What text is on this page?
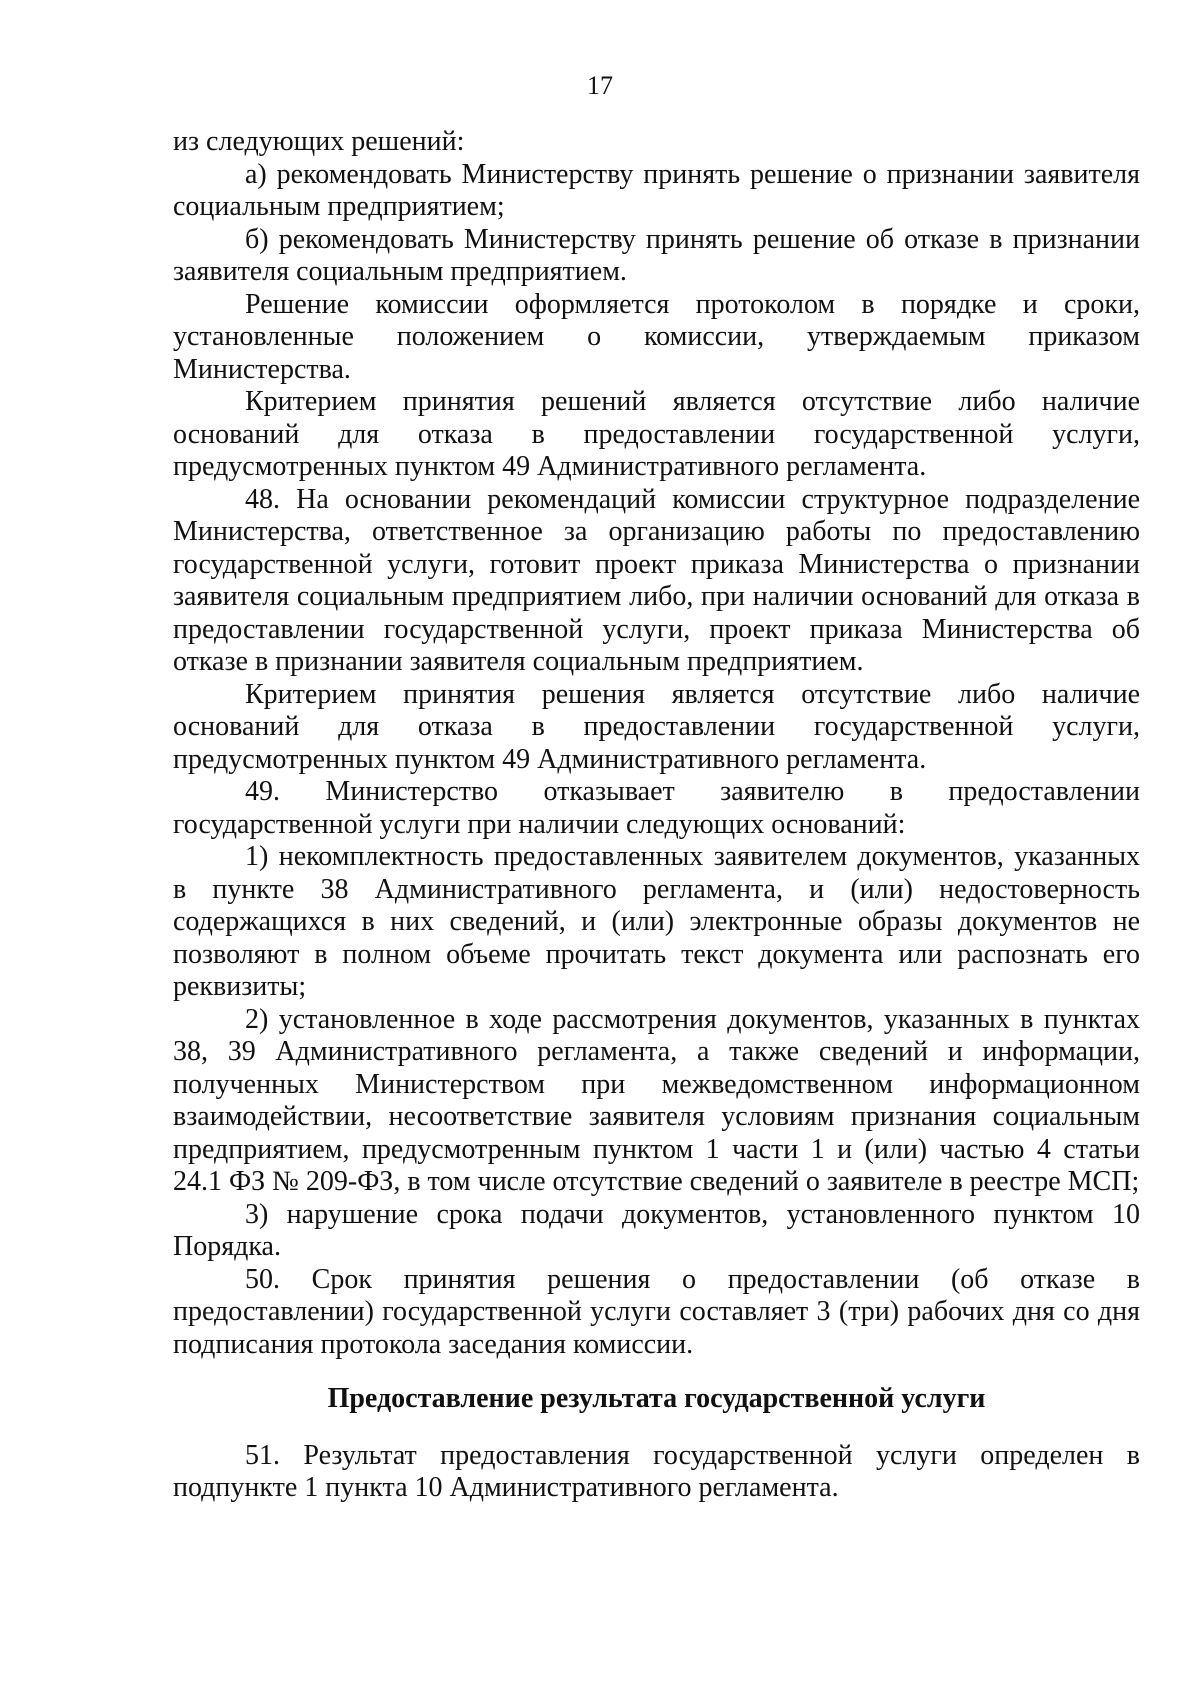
17

из следующих решений:

а) рекомендовать Министерству принять решение о признании заявителя социальным предприятием;

б) рекомендовать Министерству принять решение об отказе в признании заявителя социальным предприятием.

Решение комиссии оформляется протоколом в порядке и сроки, установленные положением о комиссии, утверждаемым приказом Министерства.

Критерием принятия решений является отсутствие либо наличие оснований для отказа в предоставлении государственной услуги, предусмотренных пунктом 49 Административного регламента.

48. На основании рекомендаций комиссии структурное подразделение Министерства, ответственное за организацию работы по предоставлению государственной услуги, готовит проект приказа Министерства о признании заявителя социальным предприятием либо, при наличии оснований для отказа в предоставлении государственной услуги, проект приказа Министерства об отказе в признании заявителя социальным предприятием.

Критерием принятия решения является отсутствие либо наличие оснований для отказа в предоставлении государственной услуги, предусмотренных пунктом 49 Административного регламента.

49. Министерство отказывает заявителю в предоставлении государственной услуги при наличии следующих оснований:

1) некомплектность предоставленных заявителем документов, указанных в пункте 38 Административного регламента, и (или) недостоверность содержащихся в них сведений, и (или) электронные образы документов не позволяют в полном объеме прочитать текст документа или распознать его реквизиты;

2) установленное в ходе рассмотрения документов, указанных в пунктах 38, 39 Административного регламента, а также сведений и информации, полученных Министерством при межведомственном информационном взаимодействии, несоответствие заявителя условиям признания социальным предприятием, предусмотренным пунктом 1 части 1 и (или) частью 4 статьи 24.1 ФЗ № 209-ФЗ, в том числе отсутствие сведений о заявителе в реестре МСП;

3) нарушение срока подачи документов, установленного пунктом 10 Порядка.

50. Срок принятия решения о предоставлении (об отказе в предоставлении) государственной услуги составляет 3 (три) рабочих дня со дня подписания протокола заседания комиссии.

Предоставление результата государственной услуги

51. Результат предоставления государственной услуги определен в подпункте 1 пункта 10 Административного регламента.
